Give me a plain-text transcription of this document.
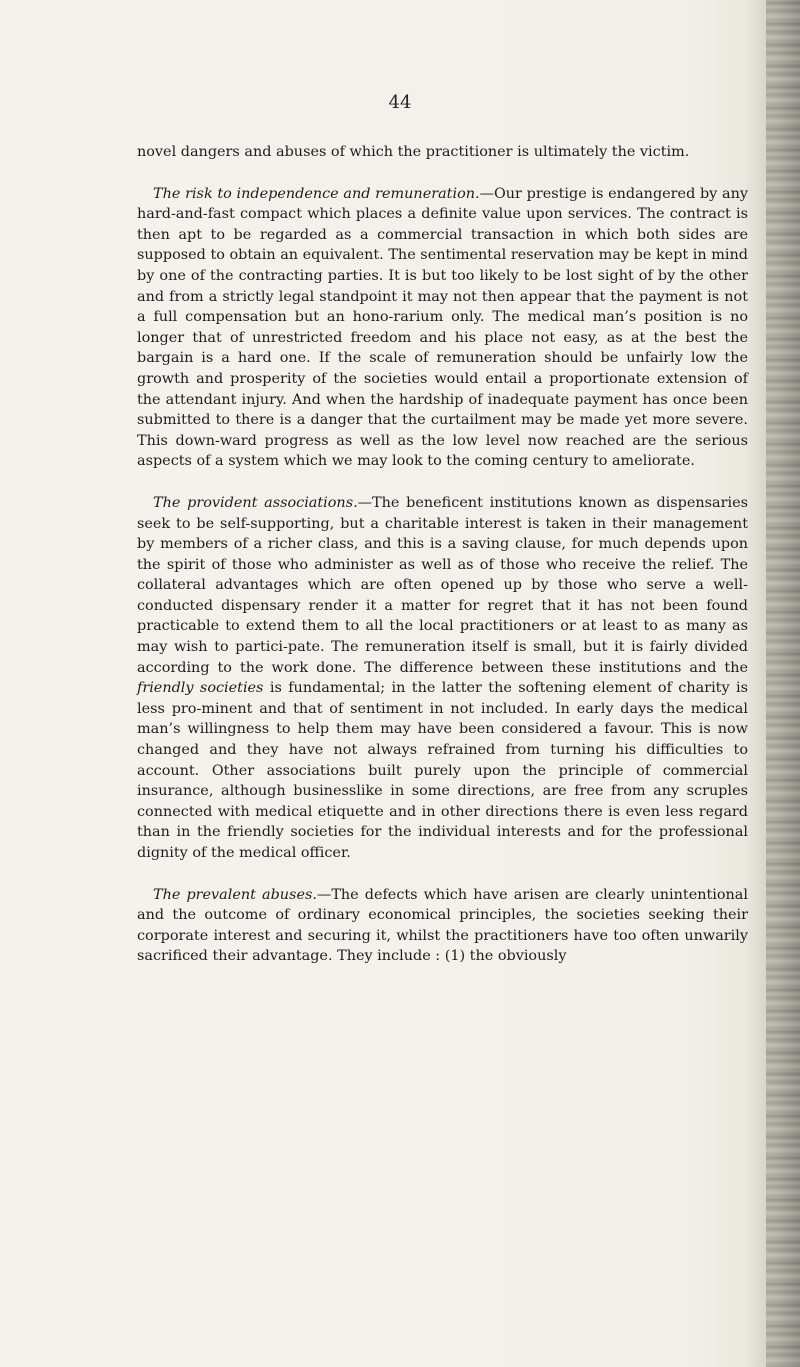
44

novel dangers and abuses of which the practitioner is ultimately the victim.

The risk to independence and remuneration.—Our prestige is endangered by any hard-and-fast compact which places a definite value upon services. The contract is then apt to be regarded as a commercial transaction in which both sides are supposed to obtain an equivalent. The sentimental reservation may be kept in mind by one of the contracting parties. It is but too likely to be lost sight of by the other and from a strictly legal standpoint it may not then appear that the payment is not a full compensation but an hono-rarium only. The medical man’s position is no longer that of unrestricted freedom and his place not easy, as at the best the bargain is a hard one. If the scale of remuneration should be unfairly low the growth and prosperity of the societies would entail a proportionate extension of the attendant injury. And when the hardship of inadequate payment has once been submitted to there is a danger that the curtailment may be made yet more severe. This down-ward progress as well as the low level now reached are the serious aspects of a system which we may look to the coming century to ameliorate.

The provident associations.—The beneficent institutions known as dispensaries seek to be self-supporting, but a charitable interest is taken in their management by members of a richer class, and this is a saving clause, for much depends upon the spirit of those who administer as well as of those who receive the relief. The collateral advantages which are often opened up by those who serve a well-conducted dispensary render it a matter for regret that it has not been found practicable to extend them to all the local practitioners or at least to as many as may wish to partici-pate. The remuneration itself is small, but it is fairly divided according to the work done. The difference between these institutions and the friendly societies is fundamental; in the latter the softening element of charity is less pro-minent and that of sentiment in not included. In early days the medical man’s willingness to help them may have been considered a favour. This is now changed and they have not always refrained from turning his difficulties to account. Other associations built purely upon the principle of commercial insurance, although businesslike in some directions, are free from any scruples connected with medical etiquette and in other directions there is even less regard than in the friendly societies for the individual interests and for the professional dignity of the medical officer.

The prevalent abuses.—The defects which have arisen are clearly unintentional and the outcome of ordinary economical principles, the societies seeking their corporate interest and securing it, whilst the practitioners have too often unwarily sacrificed their advantage. They include : (1) the obviously
